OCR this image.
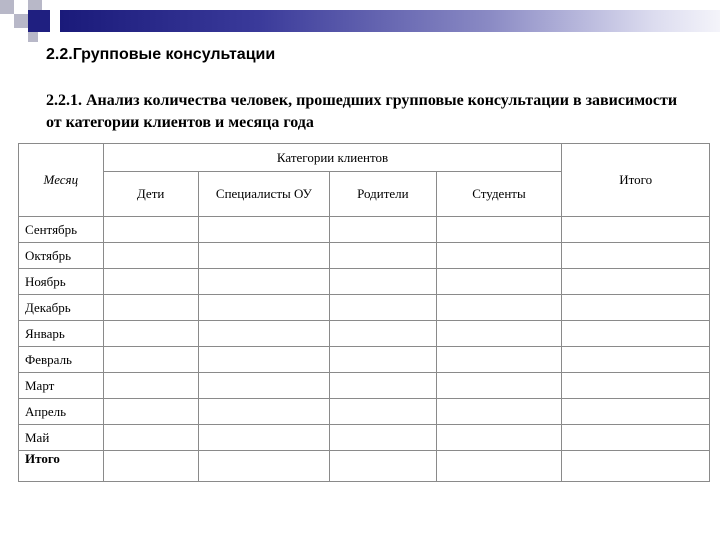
2.2.Групповые консультации

2.2.1. Анализ количества человек, прошедших групповые консультации в зависимости от категории клиентов и месяца года

Месяц	Категории клиентов				Итого
	Дети	Специалисты ОУ	Родители	Студенты	
Сентябрь					
Октябрь					
Ноябрь					
Декабрь					
Январь					
Февраль					
Март					
Апрель					
Май					
Итого					
